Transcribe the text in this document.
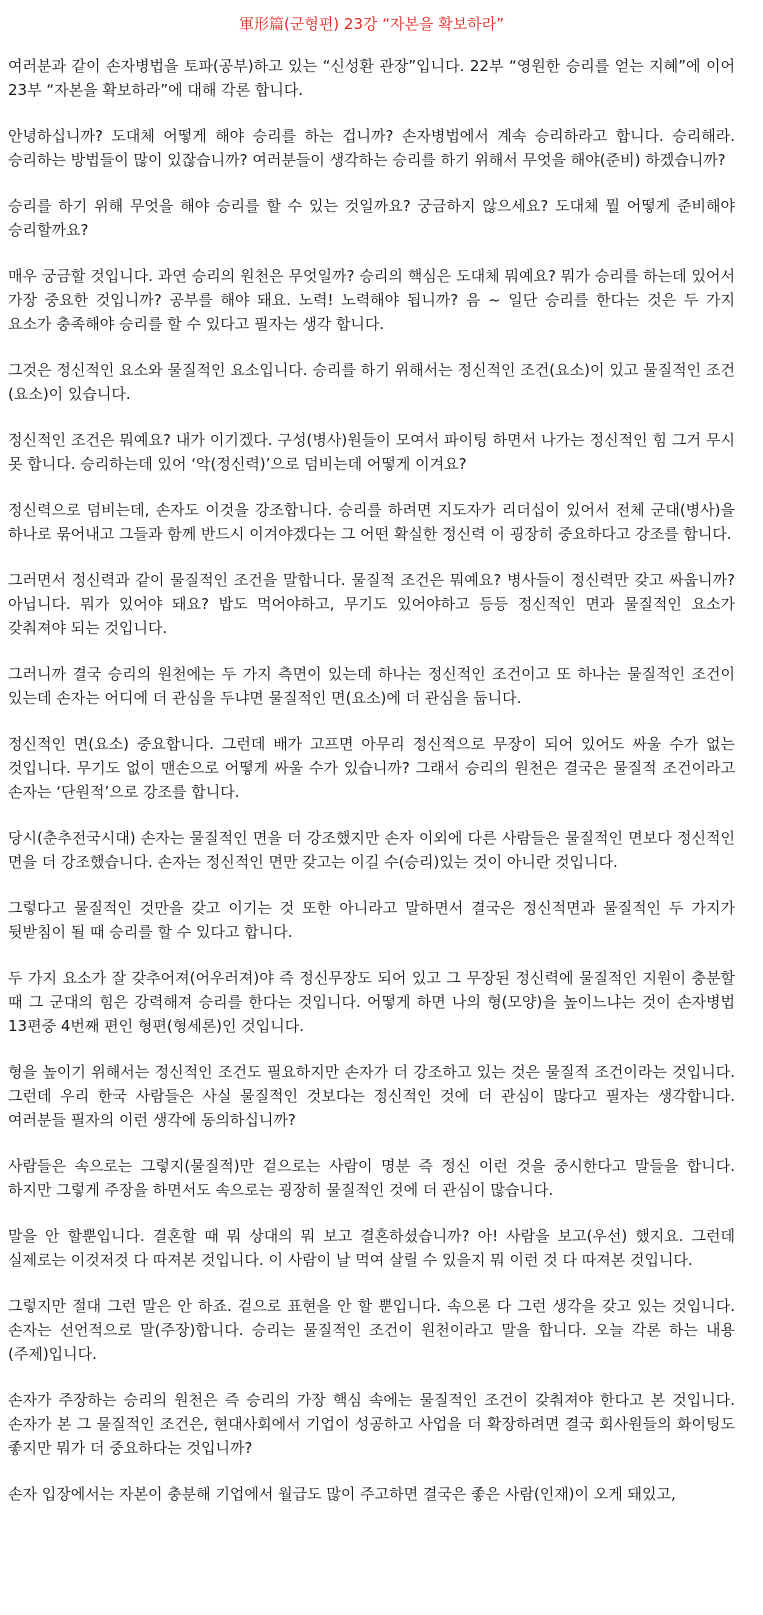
軍形篇(군형편) 23강 “자본을 확보하라”

여러분과 같이 손자병법을 토파(공부)하고 있는 “신성환 관장”입니다. 22부 “영원한 승리를 얻는 지혜”에 이어 23부 “자본을 확보하라”에 대해 각론 합니다.

안녕하십니까? 도대체 어떻게 해야 승리를 하는 겁니까? 손자병법에서 계속 승리하라고 합니다. 승리해라. 승리하는 방법들이 많이 있잖습니까? 여러분들이 생각하는 승리를 하기 위해서 무엇을 해야(준비) 하겠습니까?

승리를 하기 위해 무엇을 해야 승리를 할 수 있는 것일까요? 궁금하지 않으세요? 도대체 뭘 어떻게 준비해야 승리할까요?

매우 궁금할 것입니다. 과연 승리의 원천은 무엇일까? 승리의 핵심은 도대체 뭐예요? 뭐가 승리를 하는데 있어서 가장 중요한 것입니까? 공부를 해야 돼요. 노력! 노력해야 됩니까? 음 ~ 일단 승리를 한다는 것은 두 가지 요소가 충족해야 승리를 할 수 있다고 필자는 생각 합니다.

그것은 정신적인 요소와 물질적인 요소입니다. 승리를 하기 위해서는 정신적인 조건(요소)이 있고 물질적인 조건(요소)이 있습니다.

정신적인 조건은 뭐예요? 내가 이기겠다. 구성(병사)원들이 모여서 파이팅 하면서 나가는 정신적인 힘 그거 무시 못 합니다. 승리하는데 있어 ‘악(정신력)’으로 덤비는데 어떻게 이겨요?

정신력으로 덤비는데, 손자도 이것을 강조합니다. 승리를 하려면 지도자가 리더십이 있어서 전체 군대(병사)을 하나로 묶어내고 그들과 함께 반드시 이겨야겠다는 그 어떤 확실한 정신력 이 굉장히 중요하다고 강조를 합니다.

그러면서 정신력과 같이 물질적인 조건을 말합니다. 물질적 조건은 뭐예요? 병사들이 정신력만 갖고 싸웁니까? 아닙니다. 뭐가 있어야 돼요? 밥도 먹어야하고, 무기도 있어야하고 등등 정신적인 면과 물질적인 요소가 갖춰져야 되는 것입니다.

그러니까 결국 승리의 원천에는 두 가지 측면이 있는데 하나는 정신적인 조건이고 또 하나는 물질적인 조건이 있는데 손자는 어디에 더 관심을 두냐면 물질적인 면(요소)에 더 관심을 둡니다.

정신적인 면(요소) 중요합니다. 그런데 배가 고프면 아무리 정신적으로 무장이 되어 있어도 싸울 수가 없는 것입니다. 무기도 없이 맨손으로 어떻게 싸울 수가 있습니까? 그래서 승리의 원천은 결국은 물질적 조건이라고 손자는 ‘단원적’으로 강조를 합니다.

당시(춘추전국시대) 손자는 물질적인 면을 더 강조했지만 손자 이외에 다른 사람들은 물질적인 면보다 정신적인 면을 더 강조했습니다. 손자는 정신적인 면만 갖고는 이길 수(승리)있는 것이 아니란 것입니다.

그렇다고 물질적인 것만을 갖고 이기는 것 또한 아니라고 말하면서 결국은 정신적면과 물질적인 두 가지가 뒷받침이 될 때 승리를 할 수 있다고 합니다.

두 가지 요소가 잘 갖추어져(어우러져)야 즉 정신무장도 되어 있고 그 무장된 정신력에 물질적인 지원이 충분할 때 그 군대의 힘은 강력해져 승리를 한다는 것입니다. 어떻게 하면 나의 형(모양)을 높이느냐는 것이 손자병법 13편중 4번째 편인 형편(형세론)인 것입니다.

형을 높이기 위해서는 정신적인 조건도 필요하지만 손자가 더 강조하고 있는 것은 물질적 조건이라는 것입니다. 그런데 우리 한국 사람들은 사실 물질적인 것보다는 정신적인 것에 더 관심이 많다고 필자는 생각합니다. 여러분들 필자의 이런 생각에 동의하십니까?

사람들은 속으로는 그렇지(물질적)만 겉으로는 사람이 명분 즉 정신 이런 것을 중시한다고 말들을 합니다. 하지만 그렇게 주장을 하면서도 속으로는 굉장히 물질적인 것에 더 관심이 많습니다.

말을 안 할뿐입니다. 결혼할 때 뭐 상대의 뭐 보고 결혼하셨습니까? 아! 사람을 보고(우선) 했지요. 그런데 실제로는 이것저것 다 따져본 것입니다. 이 사람이 날 먹여 살릴 수 있을지 뭐 이런 것 다 따져본 것입니다.

그렇지만 절대 그런 말은 안 하죠. 겉으로 표현을 안 할 뿐입니다. 속으론 다 그런 생각을 갖고 있는 것입니다. 손자는 선언적으로 말(주장)합니다. 승리는 물질적인 조건이 원천이라고 말을 합니다. 오늘 각론 하는 내용(주제)입니다.

손자가 주장하는 승리의 원천은 즉 승리의 가장 핵심 속에는 물질적인 조건이 갖춰져야 한다고 본 것입니다. 손자가 본 그 물질적인 조건은, 현대사회에서 기업이 성공하고 사업을 더 확장하려면 결국 회사원들의 화이팅도 좋지만 뭐가 더 중요하다는 것입니까?

손자 입장에서는 자본이 충분해 기업에서 월급도 많이 주고하면 결국은 좋은 사람(인재)이 오게 돼있고,
